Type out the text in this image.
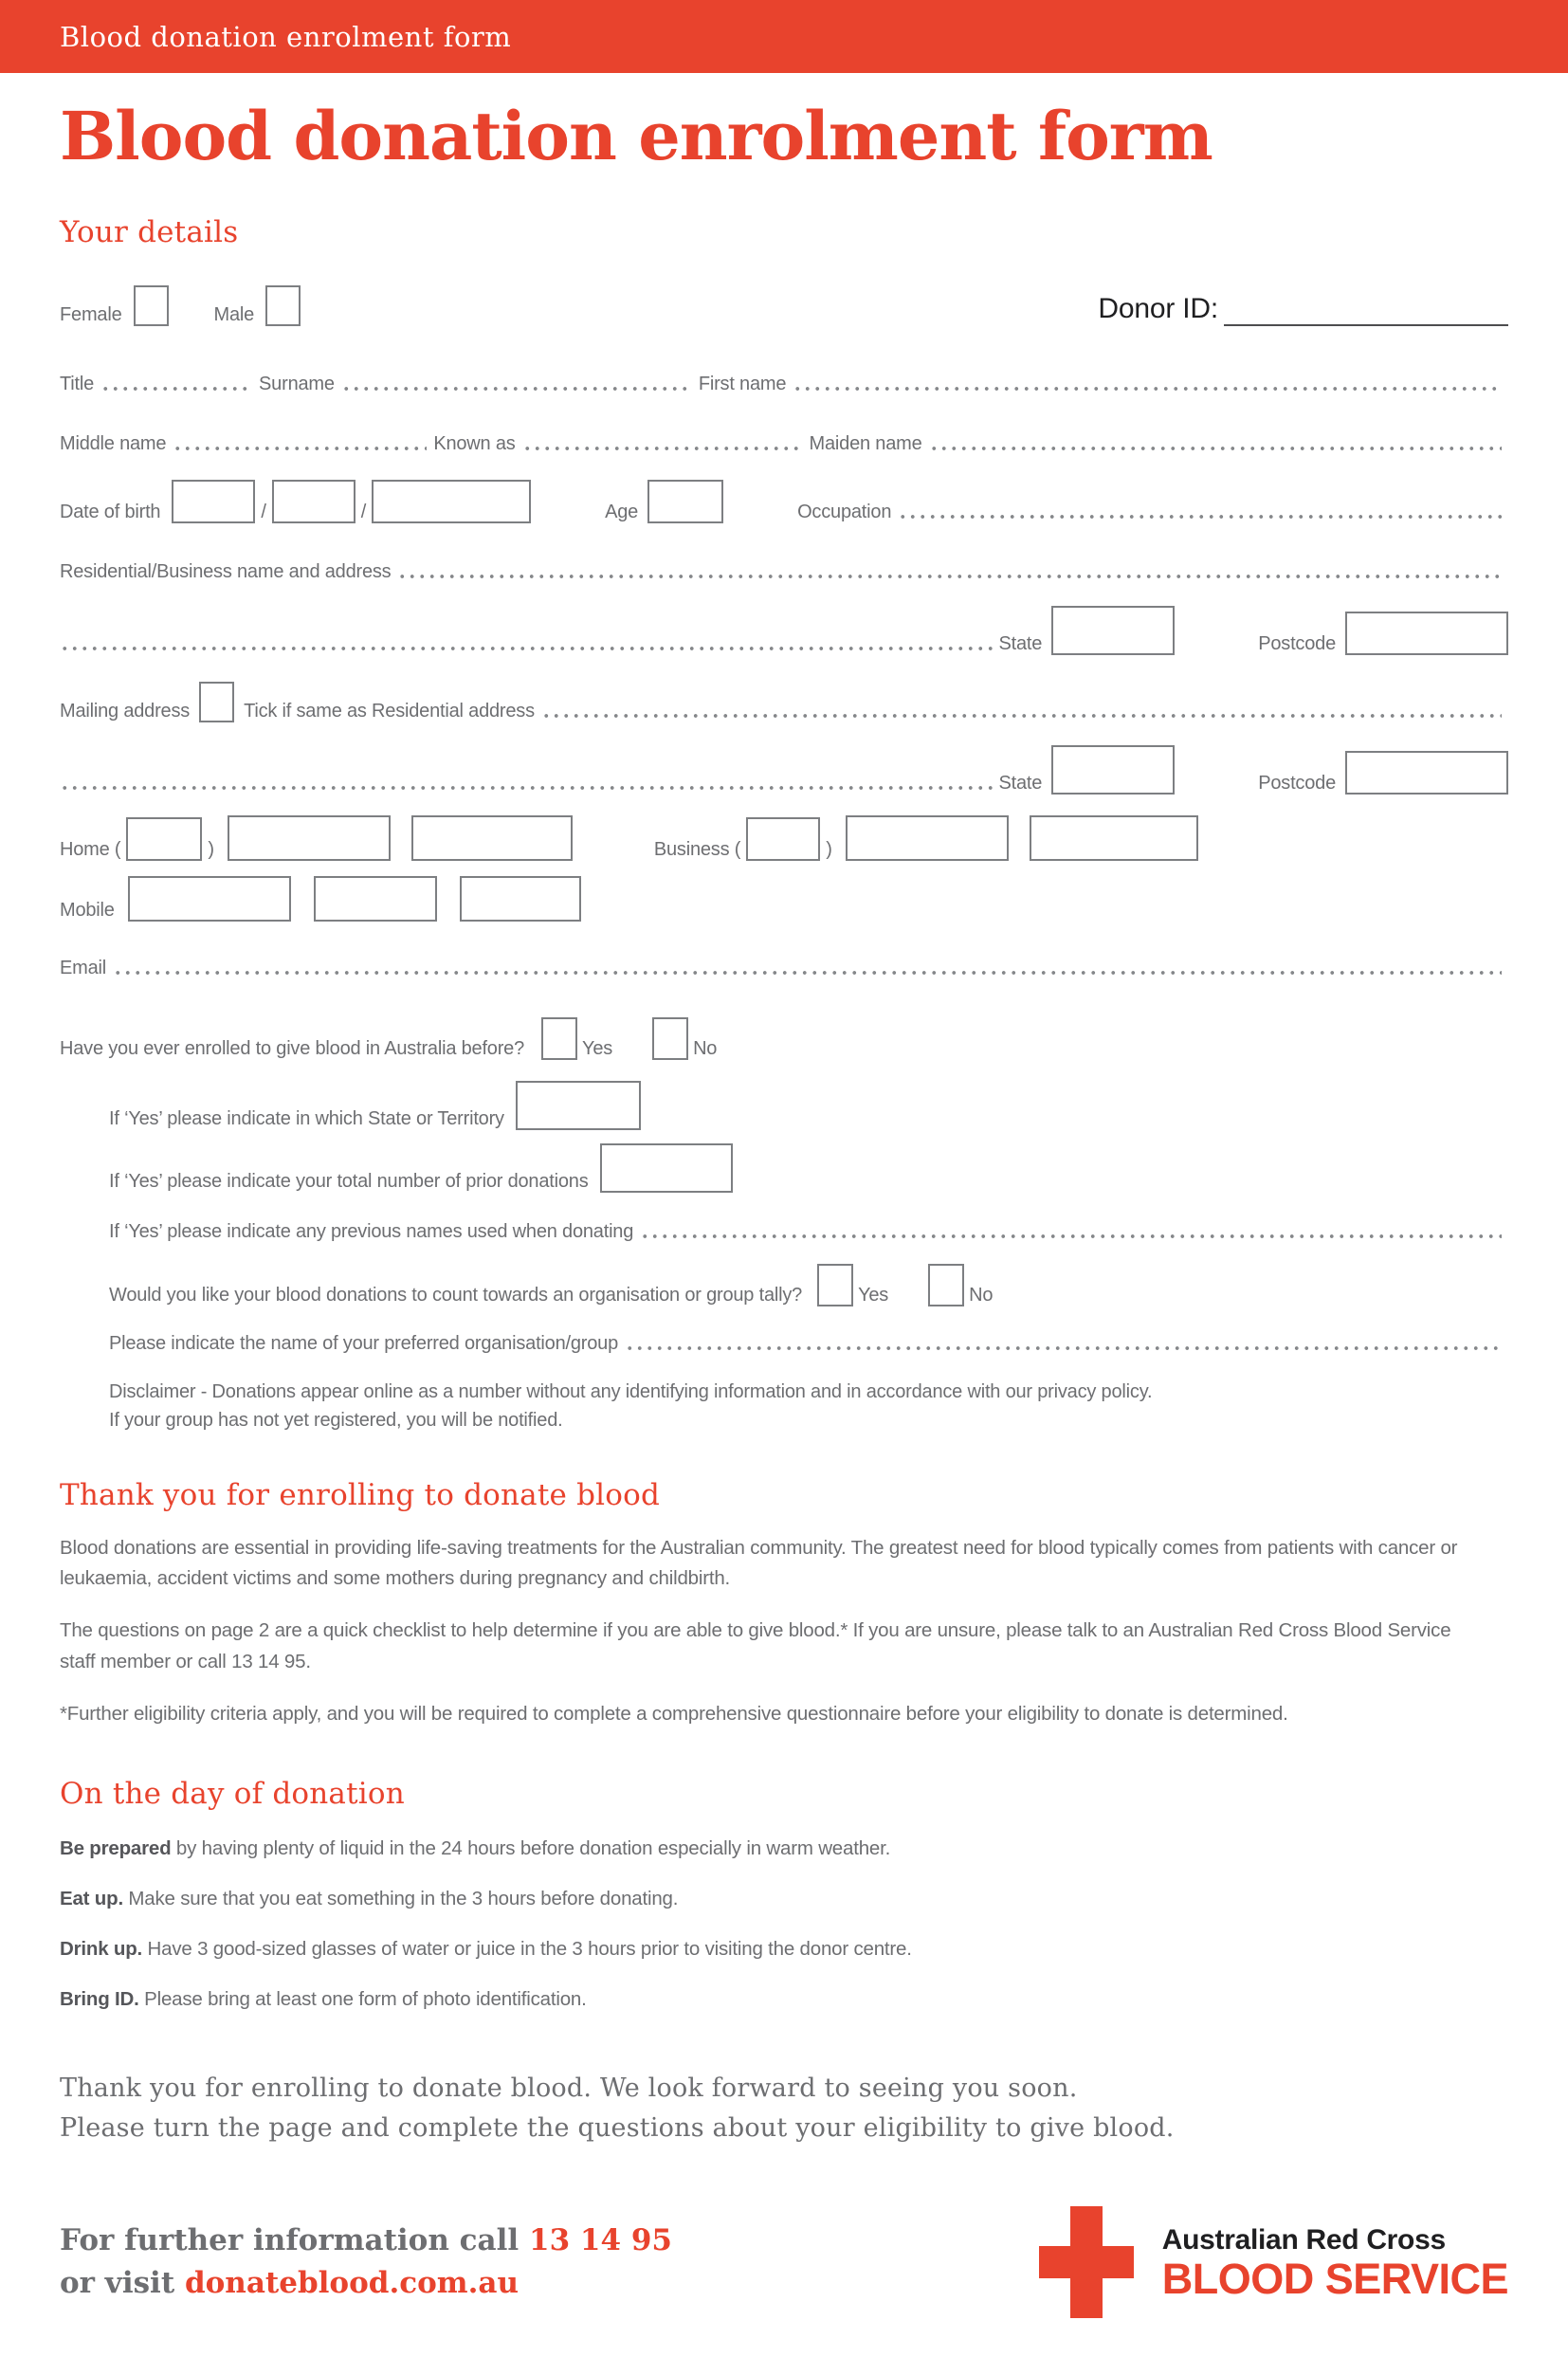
Blood donation enrolment form
Blood donation enrolment form
Your details
Female	Male	Donor ID:
Title	Surname	First name
Middle name	Known as	Maiden name
Date of birth	/	/	Age	Occupation
Residential/Business name and address
State	Postcode
Mailing address	Tick if same as Residential address
State	Postcode
Home (	)	Business (	)
Mobile
Email
Have you ever enrolled to give blood in Australia before?	Yes	No
If ‘Yes’ please indicate in which State or Territory
If ‘Yes’ please indicate your total number of prior donations
If ‘Yes’ please indicate any previous names used when donating
Would you like your blood donations to count towards an organisation or group tally?	Yes	No
Please indicate the name of your preferred organisation/group
Disclaimer - Donations appear online as a number without any identifying information and in accordance with our privacy policy.
If your group has not yet registered, you will be notified.
Thank you for enrolling to donate blood

Blood donations are essential in providing life-saving treatments for the Australian community. The greatest need for blood typically comes from patients with cancer or leukaemia, accident victims and some mothers during pregnancy and childbirth.

The questions on page 2 are a quick checklist to help determine if you are able to give blood.* If you are unsure, please talk to an Australian Red Cross Blood Service staff member or call 13 14 95.

*Further eligibility criteria apply, and you will be required to complete a comprehensive questionnaire before your eligibility to donate is determined.

On the day of donation

Be prepared by having plenty of liquid in the 24 hours before donation especially in warm weather.

Eat up. Make sure that you eat something in the 3 hours before donating.

Drink up. Have 3 good-sized glasses of water or juice in the 3 hours prior to visiting the donor centre.

Bring ID. Please bring at least one form of photo identification.

Thank you for enrolling to donate blood. We look forward to seeing you soon.
Please turn the page and complete the questions about your eligibility to give blood.
For further information call 13 14 95
or visit donateblood.com.au
Australian Red Cross
BLOOD SERVICE
